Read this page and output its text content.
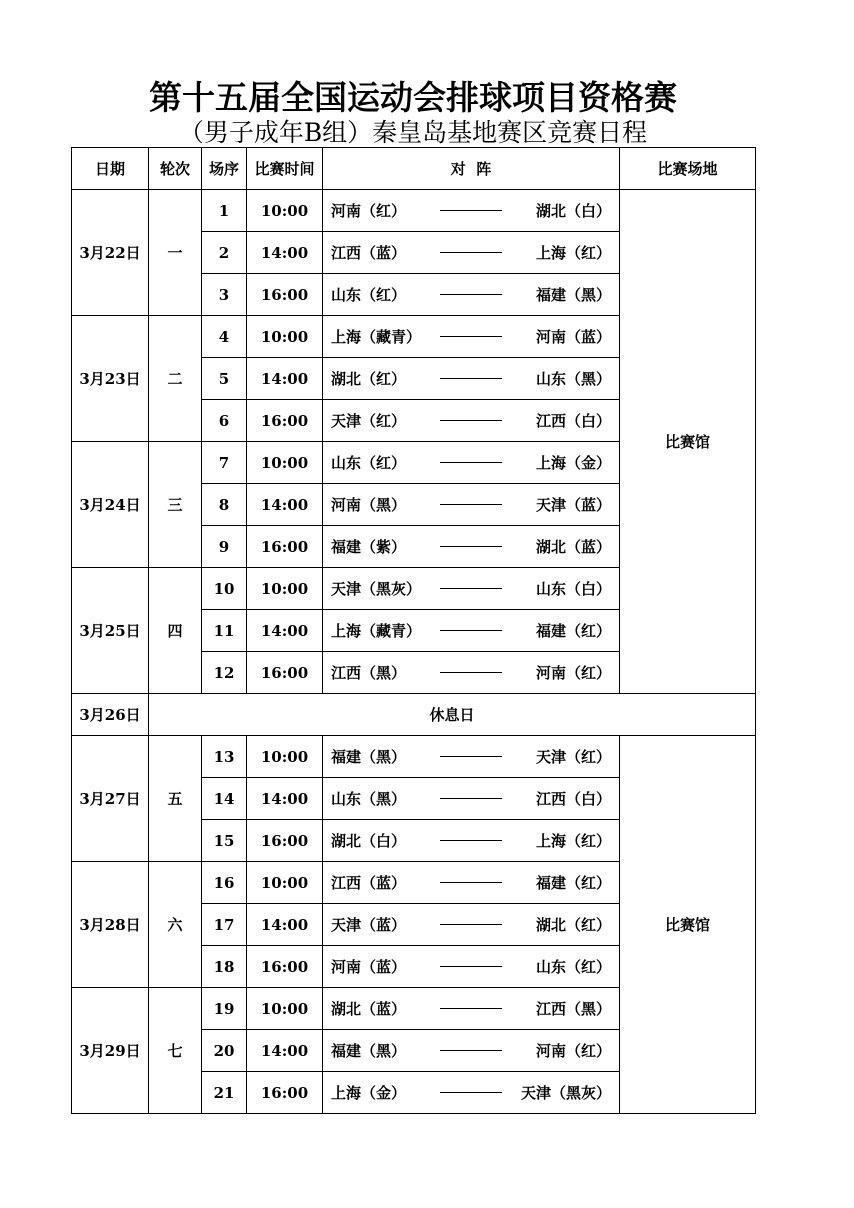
第十五届全国运动会排球项目资格赛
（男子成年B组）秦皇岛基地赛区竞赛日程
日期	轮次	场序	比赛时间	对  阵	比赛场地
3月22日	一	1	10:00	河南（红） 湖北（白）	比赛馆
		2	14:00	江西（蓝） 上海（红）	

		3	16:00	山东（红） 福建（黑）	

3月23日	二	4	10:00	上海（藏青） 河南（蓝）	

		5	14:00	湖北（红） 山东（黑）	

		6	16:00	天津（红） 江西（白）	

3月24日	三	7	10:00	山东（红） 上海（金）	

		8	14:00	河南（黑） 天津（蓝）	

		9	16:00	福建（紫） 湖北（蓝）	

3月25日	四	10	10:00	天津（黑灰） 山东（白）	

		11	14:00	上海（藏青） 福建（红）	

		12	16:00	江西（黑） 河南（红）	

3月26日	休息日				
3月27日	五	13	10:00	福建（黑） 天津（红）	比赛馆
		14	14:00	山东（黑） 江西（白）	

		15	16:00	湖北（白） 上海（红）	

3月28日	六	16	10:00	江西（蓝） 福建（红）	

		17	14:00	天津（蓝） 湖北（红）	

		18	16:00	河南（蓝） 山东（红）	

3月29日	七	19	10:00	湖北（蓝） 江西（黑）	

		20	14:00	福建（黑） 河南（红）	

		21	16:00	上海（金） 天津（黑灰）	
